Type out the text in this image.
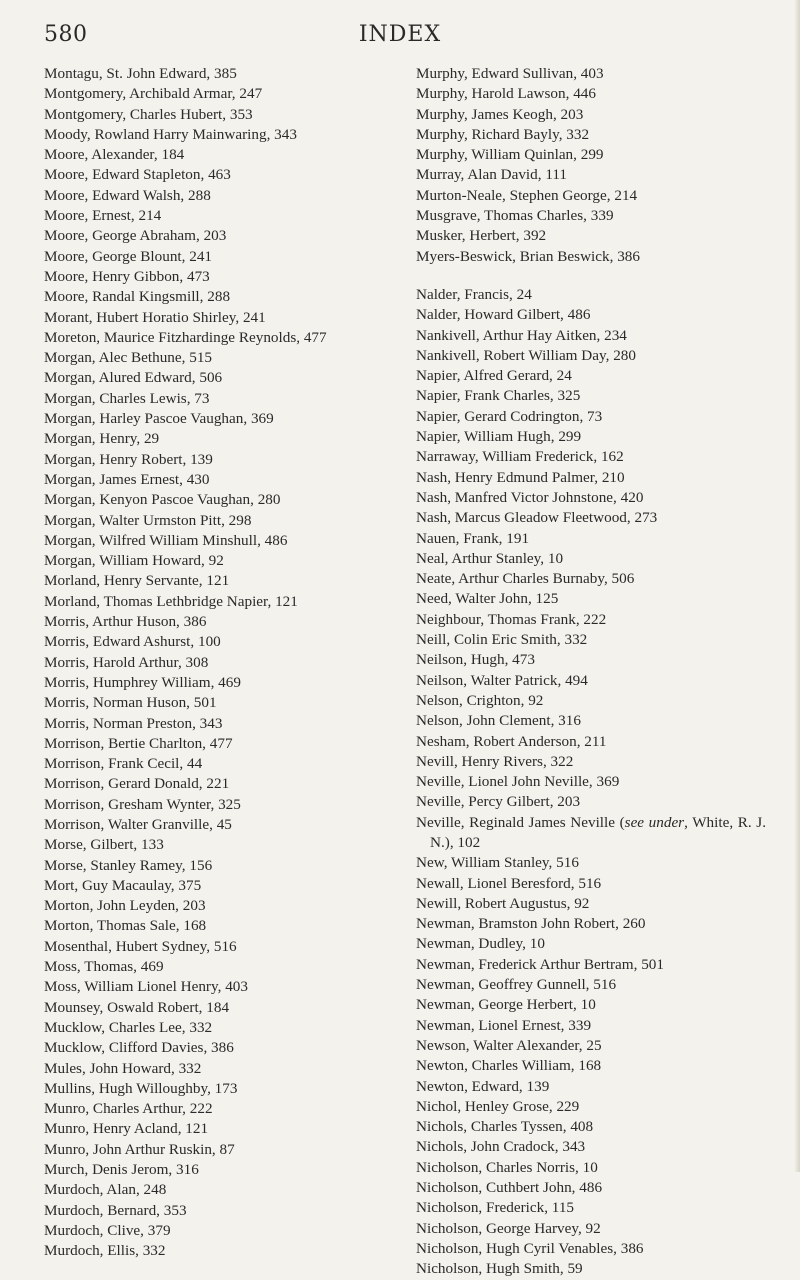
580	INDEX
Montagu, St. John Edward, 385
Montgomery, Archibald Armar, 247
Montgomery, Charles Hubert, 353
Moody, Rowland Harry Mainwaring, 343
Moore, Alexander, 184
Moore, Edward Stapleton, 463
Moore, Edward Walsh, 288
Moore, Ernest, 214
Moore, George Abraham, 203
Moore, George Blount, 241
Moore, Henry Gibbon, 473
Moore, Randal Kingsmill, 288
Morant, Hubert Horatio Shirley, 241
Moreton, Maurice Fitzhardinge Reynolds, 477
Morgan, Alec Bethune, 515
Morgan, Alured Edward, 506
Morgan, Charles Lewis, 73
Morgan, Harley Pascoe Vaughan, 369
Morgan, Henry, 29
Morgan, Henry Robert, 139
Morgan, James Ernest, 430
Morgan, Kenyon Pascoe Vaughan, 280
Morgan, Walter Urmston Pitt, 298
Morgan, Wilfred William Minshull, 486
Morgan, William Howard, 92
Morland, Henry Servante, 121
Morland, Thomas Lethbridge Napier, 121
Morris, Arthur Huson, 386
Morris, Edward Ashurst, 100
Morris, Harold Arthur, 308
Morris, Humphrey William, 469
Morris, Norman Huson, 501
Morris, Norman Preston, 343
Morrison, Bertie Charlton, 477
Morrison, Frank Cecil, 44
Morrison, Gerard Donald, 221
Morrison, Gresham Wynter, 325
Morrison, Walter Granville, 45
Morse, Gilbert, 133
Morse, Stanley Ramey, 156
Mort, Guy Macaulay, 375
Morton, John Leyden, 203
Morton, Thomas Sale, 168
Mosenthal, Hubert Sydney, 516
Moss, Thomas, 469
Moss, William Lionel Henry, 403
Mounsey, Oswald Robert, 184
Mucklow, Charles Lee, 332
Mucklow, Clifford Davies, 386
Mules, John Howard, 332
Mullins, Hugh Willoughby, 173
Munro, Charles Arthur, 222
Munro, Henry Acland, 121
Munro, John Arthur Ruskin, 87
Murch, Denis Jerom, 316
Murdoch, Alan, 248
Murdoch, Bernard, 353
Murdoch, Clive, 379
Murdoch, Ellis, 332
Murphy, Edward Sullivan, 403
Murphy, Harold Lawson, 446
Murphy, James Keogh, 203
Murphy, Richard Bayly, 332
Murphy, William Quinlan, 299
Murray, Alan David, 111
Murton-Neale, Stephen George, 214
Musgrave, Thomas Charles, 339
Musker, Herbert, 392
Myers-Beswick, Brian Beswick, 386
Nalder, Francis, 24
Nalder, Howard Gilbert, 486
Nankivell, Arthur Hay Aitken, 234
Nankivell, Robert William Day, 280
Napier, Alfred Gerard, 24
Napier, Frank Charles, 325
Napier, Gerard Codrington, 73
Napier, William Hugh, 299
Narraway, William Frederick, 162
Nash, Henry Edmund Palmer, 210
Nash, Manfred Victor Johnstone, 420
Nash, Marcus Gleadow Fleetwood, 273
Nauen, Frank, 191
Neal, Arthur Stanley, 10
Neate, Arthur Charles Burnaby, 506
Need, Walter John, 125
Neighbour, Thomas Frank, 222
Neill, Colin Eric Smith, 332
Neilson, Hugh, 473
Neilson, Walter Patrick, 494
Nelson, Crighton, 92
Nelson, John Clement, 316
Nesham, Robert Anderson, 211
Nevill, Henry Rivers, 322
Neville, Lionel John Neville, 369
Neville, Percy Gilbert, 203
Neville, Reginald James Neville (see under, White, R. J. N.), 102
New, William Stanley, 516
Newall, Lionel Beresford, 516
Newill, Robert Augustus, 92
Newman, Bramston John Robert, 260
Newman, Dudley, 10
Newman, Frederick Arthur Bertram, 501
Newman, Geoffrey Gunnell, 516
Newman, George Herbert, 10
Newman, Lionel Ernest, 339
Newson, Walter Alexander, 25
Newton, Charles William, 168
Newton, Edward, 139
Nichol, Henley Grose, 229
Nichols, Charles Tyssen, 408
Nichols, John Cradock, 343
Nicholson, Charles Norris, 10
Nicholson, Cuthbert John, 486
Nicholson, Frederick, 115
Nicholson, George Harvey, 92
Nicholson, Hugh Cyril Venables, 386
Nicholson, Hugh Smith, 59
